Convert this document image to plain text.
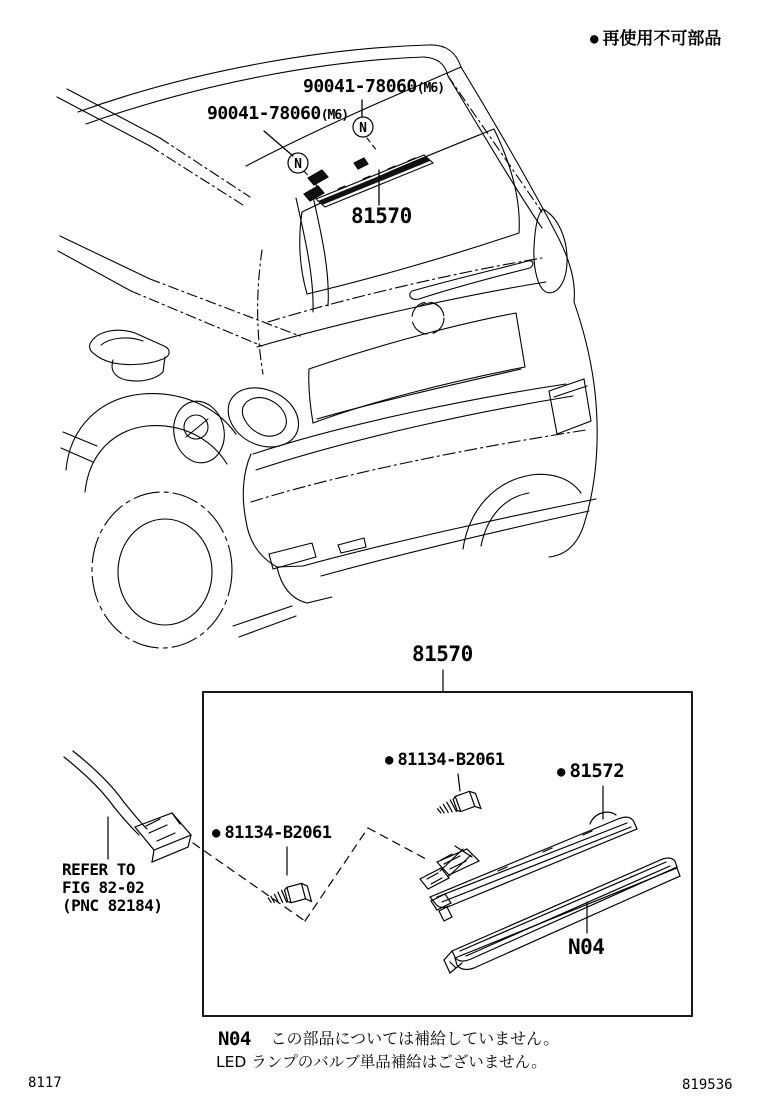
N
N
● 再使用不可部品
90041-78060(M6)
90041-78060(M6)
81570
81570
● 81134-B2061
● 81572
● 81134-B2061
N04
REFER TO
FIG 82-02
(PNC 82184)
N04 この部品については補給していません。
LED ランプのバルブ単品補給はございません。
8117	819536
